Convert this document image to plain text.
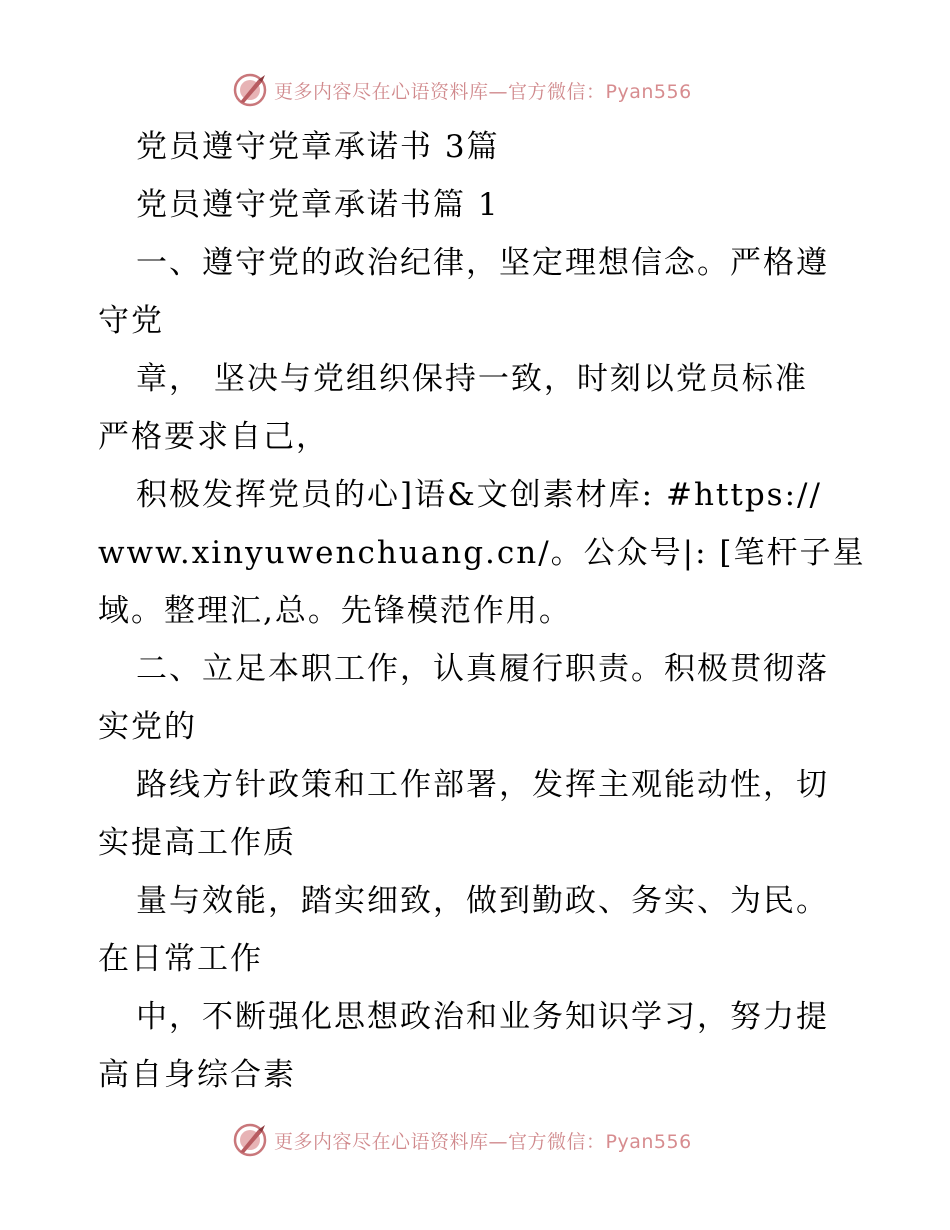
更多内容尽在心语资料库—官方微信：Pyan556
党员遵守党章承诺书 3篇
党员遵守党章承诺书篇 1
一、遵守党的政治纪律，坚定理想信念。严格遵
守党
章， 坚决与党组织保持一致，时刻以党员标准
严格要求自己，
积极发挥党员的心]语&文创素材库: #https://
www.xinyuwenchuang.cn/。公众号|: [笔杆子星
域。整理汇,总。先锋模范作用。
二、立足本职工作，认真履行职责。积极贯彻落
实党的
路线方针政策和工作部署，发挥主观能动性，切
实提高工作质
量与效能，踏实细致，做到勤政、务实、为民。
在日常工作
中，不断强化思想政治和业务知识学习，努力提
高自身综合素
更多内容尽在心语资料库—官方微信：Pyan556
